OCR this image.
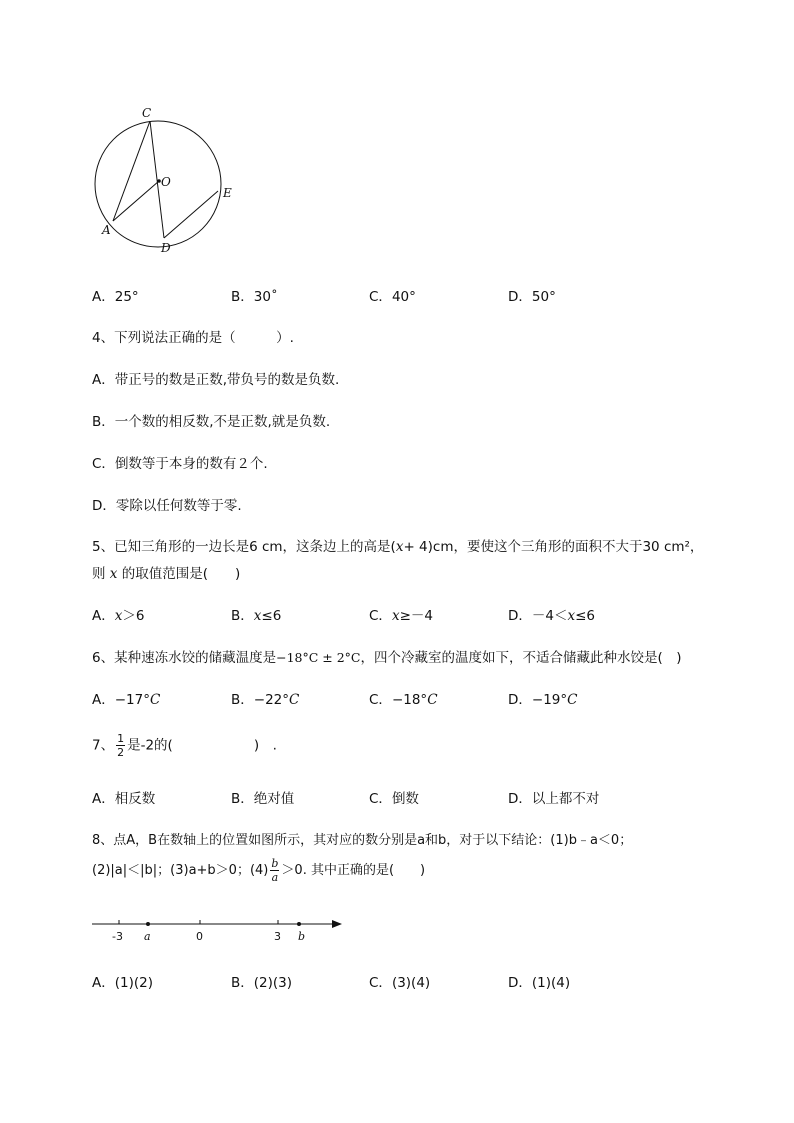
C
O
E
A
D
A．25°	B．30˚	C．40°	D．50°
4、下列说法正确的是（　　　）.
A．带正号的数是正数,带负号的数是负数.
B．一个数的相反数,不是正数,就是负数.
C．倒数等于本身的数有２个.
D．零除以任何数等于零.
5、已知三角形的一边长是6 cm，这条边上的高是(x+ 4)cm，要使这个三角形的面积不大于30 cm²，
则 x 的取值范围是(　　)
A．x＞6	B．x≤6	C．x≥－4	D．－4＜x≤6
6、某种速冻水饺的储藏温度是−18°C ± 2°C，四个冷藏室的温度如下，不适合储藏此种水饺是(　)
A．−17°C	B．−22°C	C．−18°C	D．−19°C
7、 $\frac{1}{2}$ 是-2的(　　　　　　)　.
A．相反数	B．绝对值	C．倒数	D．以上都不对
8、点A，B在数轴上的位置如图所示，其对应的数分别是a和b，对于以下结论：(1)b﹣a＜0；
(2)|a|＜|b|；(3)a+b＞0；$(4) \frac{b}{a} >0$. 其中正确的是(　　)
-3	0	3
a	b
A．(1)(2)	B．(2)(3)	C．(3)(4)	D．(1)(4)
